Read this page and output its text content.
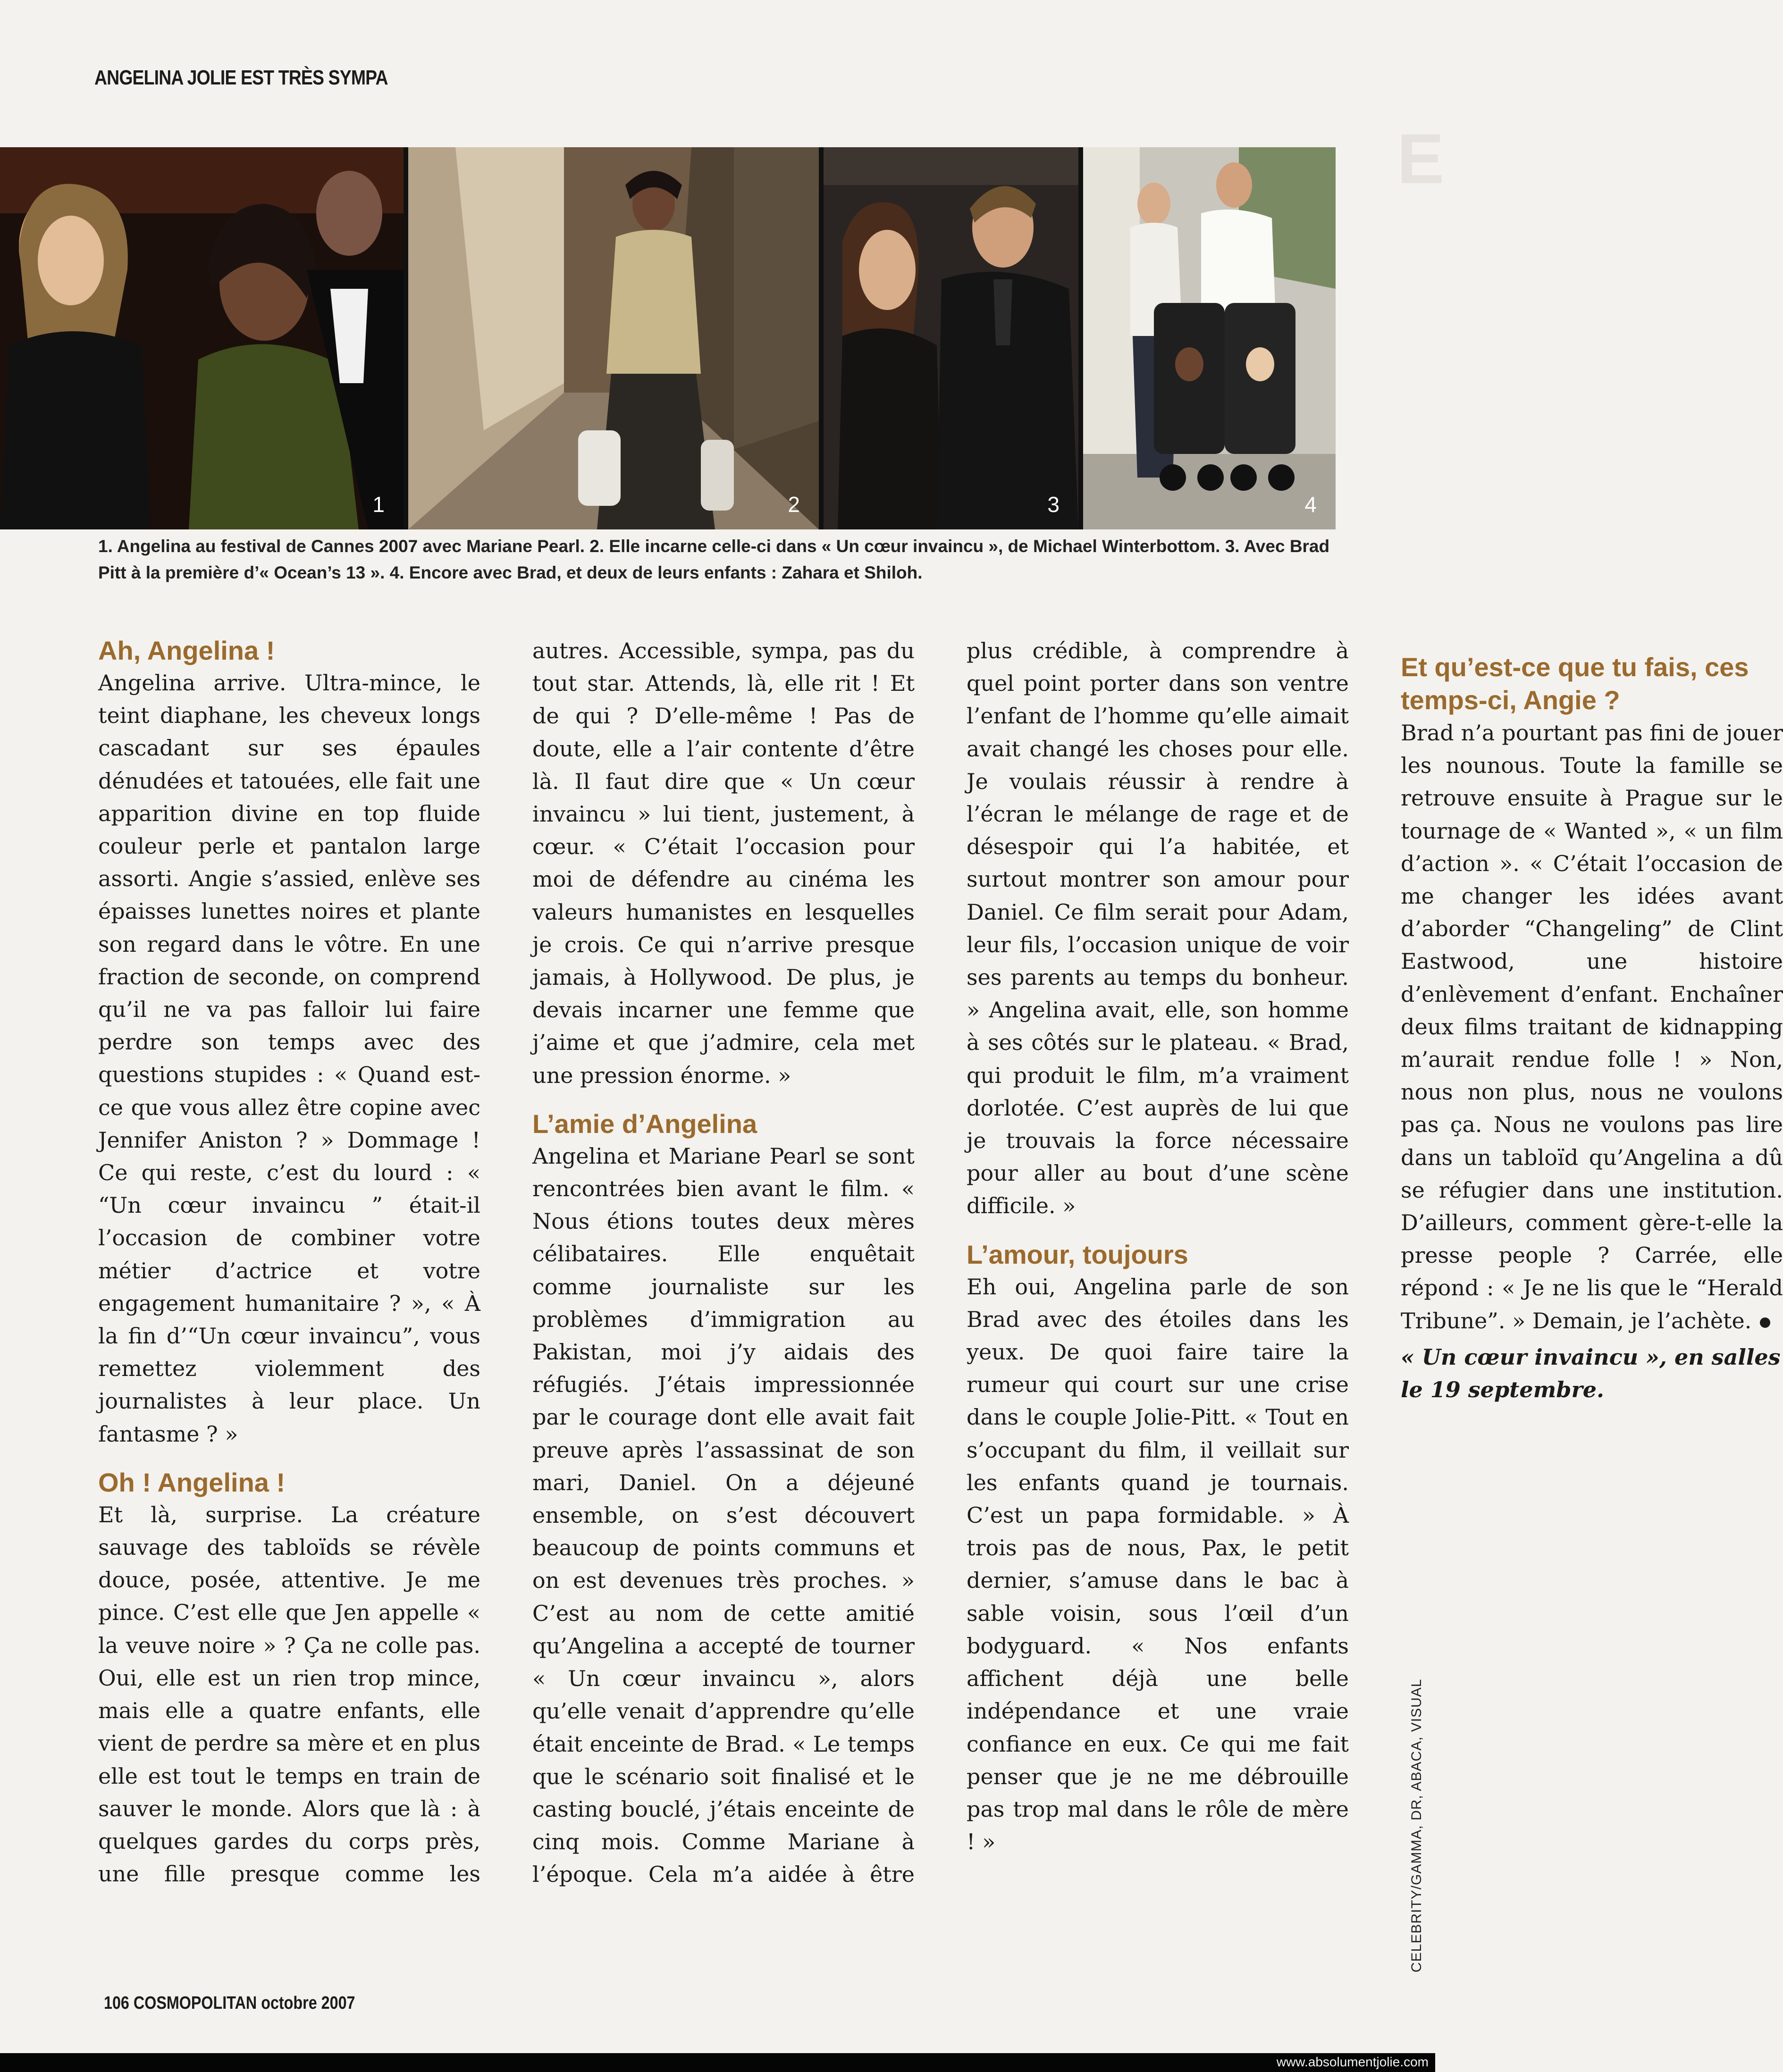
ANGELINA JOLIE EST TRÈS SYMPA
E
1	2	3	4
1. Angelina au festival de Cannes 2007 avec Mariane Pearl. 2. Elle incarne celle-ci dans « Un cœur invaincu », de Michael Winterbottom. 3. Avec Brad Pitt à la première d’« Ocean’s 13 ». 4. Encore avec Brad, et deux de leurs enfants : Zahara et Shiloh.
Ah, Angelina !

Angelina arrive. Ultra-mince, le teint diaphane, les cheveux longs cascadant sur ses épaules dénudées et tatouées, elle fait une apparition divine en top fluide couleur perle et pantalon large assorti. Angie s’assied, enlève ses épaisses lunettes noires et plante son regard dans le vôtre. En une fraction de seconde, on comprend qu’il ne va pas falloir lui faire perdre son temps avec des questions stupides : « Quand est-ce que vous allez être copine avec Jennifer Aniston ? » Dommage ! Ce qui reste, c’est du lourd : « “Un cœur invaincu ” était-il l’occasion de combiner votre métier d’actrice et votre engagement humanitaire ? », « À la fin d’“Un cœur invaincu”, vous remettez violemment des journalistes à leur place. Un fantasme ? »

Oh ! Angelina !

Et là, surprise. La créature sauvage des tabloïds se révèle douce, posée, attentive. Je me pince. C’est elle que Jen appelle « la veuve noire » ? Ça ne colle pas. Oui, elle est un rien trop mince, mais elle a quatre enfants, elle vient de perdre sa mère et en plus elle est tout le temps en train de sauver le monde. Alors que là : à quelques gardes du corps près, une fille presque comme les autres. Accessible, sympa, pas du tout star. Attends, là, elle rit ! Et de qui ? D’elle-même ! Pas de doute, elle a l’air contente d’être là. Il faut dire que « Un cœur invaincu » lui tient, justement, à cœur. « C’était l’occasion pour moi de défendre au cinéma les valeurs humanistes en lesquelles je crois. Ce qui n’arrive presque jamais, à Hollywood. De plus, je devais incarner une femme que j’aime et que j’admire, cela met une pression énorme. »

L’amie d’Angelina

Angelina et Mariane Pearl se sont rencontrées bien avant le film. « Nous étions toutes deux mères célibataires. Elle enquêtait comme journaliste sur les problèmes d’immigration au Pakistan, moi j’y aidais des réfugiés. J’étais impressionnée par le courage dont elle avait fait preuve après l’assassinat de son mari, Daniel. On a déjeuné ensemble, on s’est découvert beaucoup de points communs et on est devenues très proches. » C’est au nom de cette amitié qu’Angelina a accepté de tourner « Un cœur invaincu », alors qu’elle venait d’apprendre qu’elle était enceinte de Brad. « Le temps que le scénario soit finalisé et le casting bouclé, j’étais enceinte de cinq mois. Comme Mariane à l’époque. Cela m’a aidée à être plus crédible, à comprendre à quel point porter dans son ventre l’enfant de l’homme qu’elle aimait avait changé les choses pour elle. Je voulais réussir à rendre à l’écran le mélange de rage et de désespoir qui l’a habitée, et surtout montrer son amour pour Daniel. Ce film serait pour Adam, leur fils, l’occasion unique de voir ses parents au temps du bonheur. » Angelina avait, elle, son homme à ses côtés sur le plateau. « Brad, qui produit le film, m’a vraiment dorlotée. C’est auprès de lui que je trouvais la force nécessaire pour aller au bout d’une scène difficile. »

L’amour, toujours

Eh oui, Angelina parle de son Brad avec des étoiles dans les yeux. De quoi faire taire la rumeur qui court sur une crise dans le couple Jolie-Pitt. « Tout en s’occupant du film, il veillait sur les enfants quand je tournais. C’est un papa formidable. » À trois pas de nous, Pax, le petit dernier, s’amuse dans le bac à sable voisin, sous l’œil d’un bodyguard. « Nos enfants affichent déjà une belle indépendance et une vraie confiance en eux. Ce qui me fait penser que je ne me débrouille pas trop mal dans le rôle de mère ! »

Et qu’est-ce que tu fais, ces temps-ci, Angie ?

Brad n’a pourtant pas fini de jouer les nounous. Toute la famille se retrouve ensuite à Prague sur le tournage de « Wanted », « un film d’action ». « C’était l’occasion de me changer les idées avant d’aborder “Changeling” de Clint Eastwood, une histoire d’enlèvement d’enfant. Enchaîner deux films traitant de kidnapping m’aurait rendue folle ! » Non, nous non plus, nous ne voulons pas ça. Nous ne voulons pas lire dans un tabloïd qu’Angelina a dû se réfugier dans une institution. D’ailleurs, comment gère-t-elle la presse people ? Carrée, elle répond : « Je ne lis que le “Herald Tribune”. » Demain, je l’achète.

« Un cœur invaincu », en salles le 19 septembre.

CELEBRITY/GAMMA, DR, ABACA, VISUAL
106 COSMOPOLITAN octobre 2007
www.absolumentjolie.com
